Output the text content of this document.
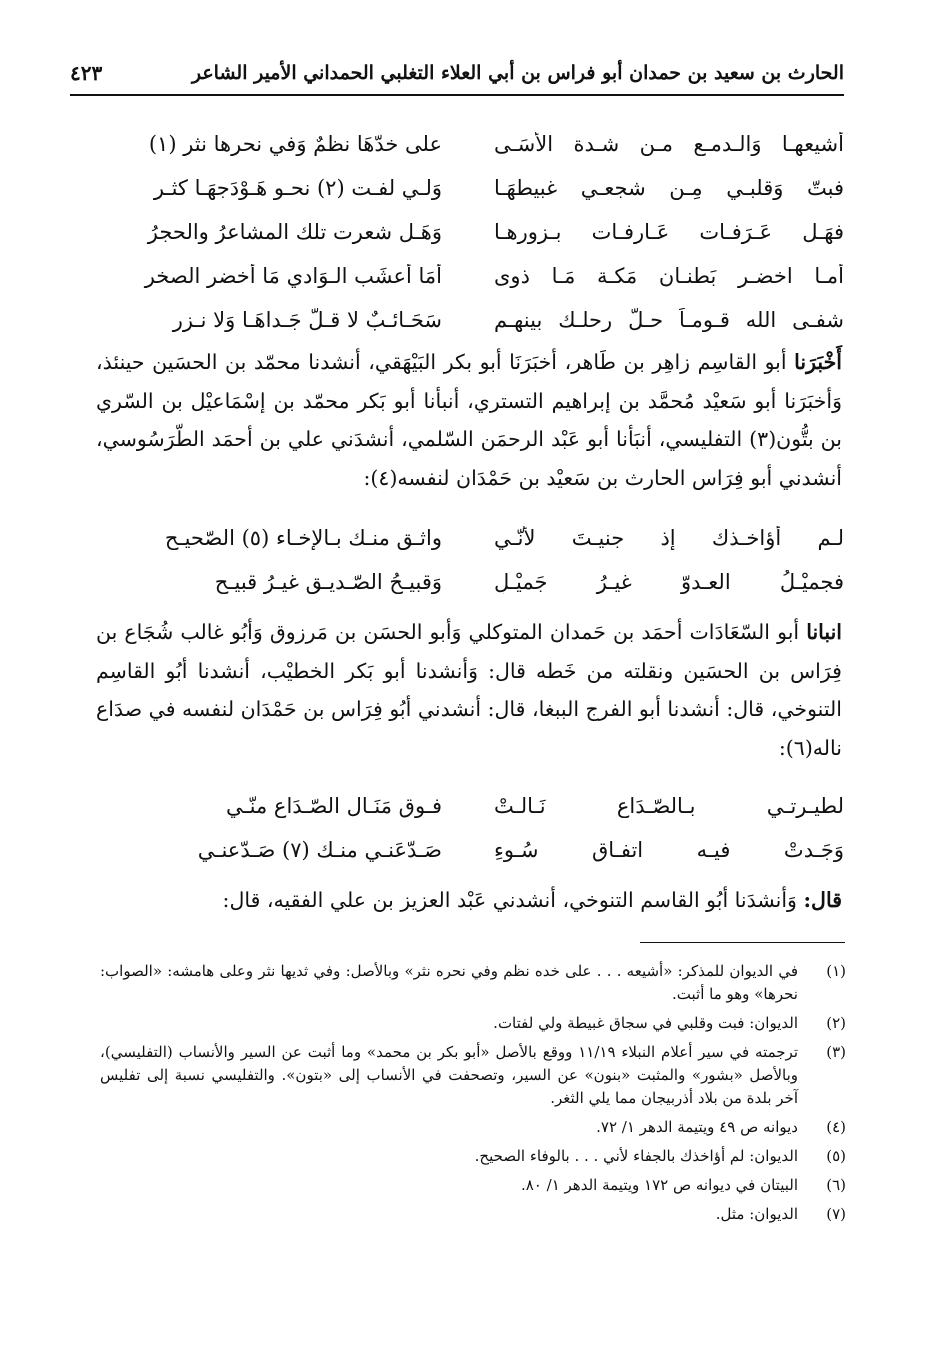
الحارث بن سعيد بن حمدان أبو فراس بن أبي العلاء التغلبي الحمداني الأمير الشاعر
٤٢٣
أشيعهـا وَالـدمـع مـن شـدة الأسَـى
على خدّهَا نظمٌ وَفي نحرها نثر (١)
فبتّ وَقلبـي مِـن شجعـي غبيطهَـا
وَلـي لفـت (٢) نحـو هَـوْدَجهَـا كثـر
فهَـل عَـرَفـات عَـارفـات بـزورهـا
وَهَـل شعرت تلك المشاعرُ والحجرُ
أمـا اخضـر بَطنـان مَكـة مَـا ذوى
أمَا أعشَب الـوَادي مَا أخضر الصخر
شفـى الله قـومـاً حـلّ رحلـك بينهـم
سَحَـائـبٌ لا قـلّ جَـداهَـا وَلا نـزر

أَخْبَرَنا أبو القاسِم زاهِر بن طَاهر، أخبَرَنَا أبو بكر البَيْهَقي، أنشدنا محمّد بن الحسَين حينئذ، وَأخبَرَنا أبو سَعيْد مُحمَّد بن إبراهيم التستري، أنبأنا أبو بَكر محمّد بن إسْمَاعيْل بن السّري بن بتُّون(٣) التفليسي، أنبَأنا أبو عَبْد الرحمَن السّلمي، أنشدَني علي بن أحمَد الطّرَسُوسي، أنشدني أبو فِرَاس الحارث بن سَعيْد بن حَمْدَان لنفسه(٤):

لـم أؤاخـذك إذ جنيـتَ لأنّـي
واثـق منـك بـالإخـاء (٥) الصّحيـح
فجميْـلُ العـدوّ غيـرُ جَميْـلٍ
وَقبيـحُ الصّـديـقِ غيـرُ قبيـح

انبانا أبو السّعَادَات أحمَد بن حَمدان المتوكلي وَأبو الحسَن بن مَرزوق وَأبُو غالب شُجَاع بن فِرَاس بن الحسَين ونقلته من خَطه قال: وَأنشدنا أبو بَكر الخطيْب، أنشدنا أبُو القاسِم التنوخي، قال: أنشدنا أبو الفرج الببغا، قال: أنشدني أبُو فِرَاس بن حَمْدَان لنفسه في صدَاع ناله(٦):

لطيـرتـي بـالصّـدَاع نَـالـتْ
فـوق مَنَـالِ الصّـدَاع منّـي
وَجَـدتْ فيـه اتفـاق سُـوءِ
صَـدّعَنـي منـك (٧) صَـدّعنـي

قال: وَأنشدَنا أبُو القاسم التنوخي، أنشدني عَبْد العزيز بن علي الفقيه، قال:

(١)
في الديوان للمذكر: «أشيعه . . . على خده نظم وفي نحره نثر» وبالأصل: وفي ثديها نثر وعلى هامشه: «الصواب: نحرها» وهو ما أثبت.
(٢)
الديوان: فبت وقلبي في سجاق غبيطة ولي لفتات.
(٣)
ترجمته في سير أعلام النبلاء ١١/١٩ ووقع بالأصل «أبو بكر بن محمد» وما أثبت عن السير والأنساب (التفليسي)، وبالأصل «بشور» والمثبت «بنون» عن السير، وتصحفت في الأنساب إلى «بتون». والتفليسي نسبة إلى تفليس آخر بلدة من بلاد أذربيجان مما يلي الثغر.
(٤)
ديوانه ص ٤٩ ويتيمة الدهر ١/ ٧٢.
(٥)
الديوان: لم أؤاخذك بالجفاء لأني . . . بالوفاء الصحيح.
(٦)
البيتان في ديوانه ص ١٧٢ ويتيمة الدهر ١/ ٨٠.
(٧)
الديوان: مثل.
